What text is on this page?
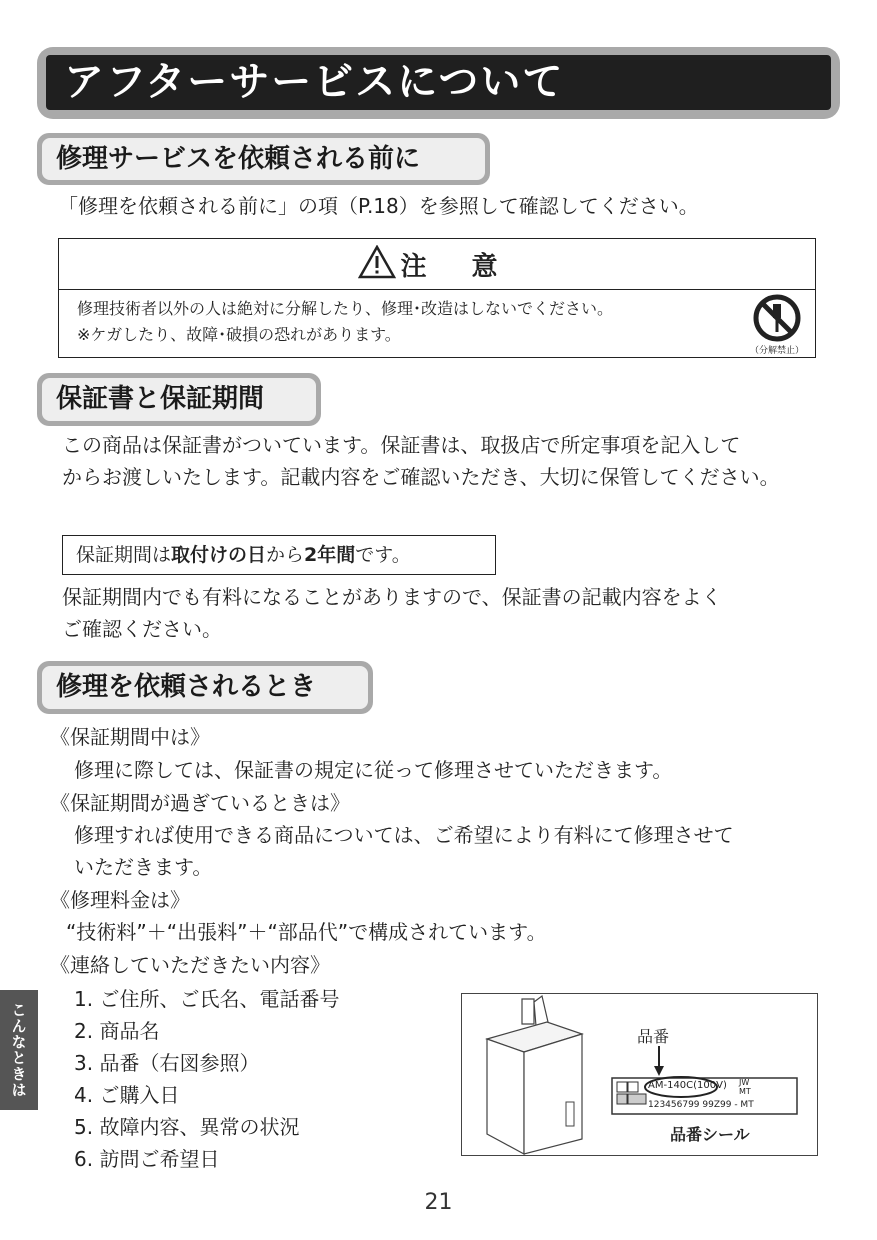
アフターサービスについて
修理サービスを依頼される前に
「修理を依頼される前に」の項（P.18）を参照して確認してください。
注 意
修理技術者以外の人は絶対に分解したり、修理･改造はしないでください。
※ケガしたり、故障･破損の恐れがあります。
（分解禁止）
保証書と保証期間
この商品は保証書がついています。保証書は、取扱店で所定事項を記入して
からお渡しいたします。記載内容をご確認いただき、大切に保管してください。
保証期間は取付けの日から2年間です。
保証期間内でも有料になることがありますので、保証書の記載内容をよく
ご確認ください。
修理を依頼されるとき
《保証期間中は》
修理に際しては、保証書の規定に従って修理させていただきます。
《保証期間が過ぎているときは》
修理すれば使用できる商品については、ご希望により有料にて修理させて
いただきます。
《修理料金は》
“技術料”＋“出張料”＋“部品代”で構成されています。
《連絡していただきたい内容》
1. ご住所、ご氏名、電話番号
2. 商品名
3. 品番（右図参照）
4. ご購入日
5. 故障内容、異常の状況
6. 訪問ご希望日
こんなときは	品番
AM-140C(100V) JW
MT
123456799 99Z99 - MT
品番シール
21
